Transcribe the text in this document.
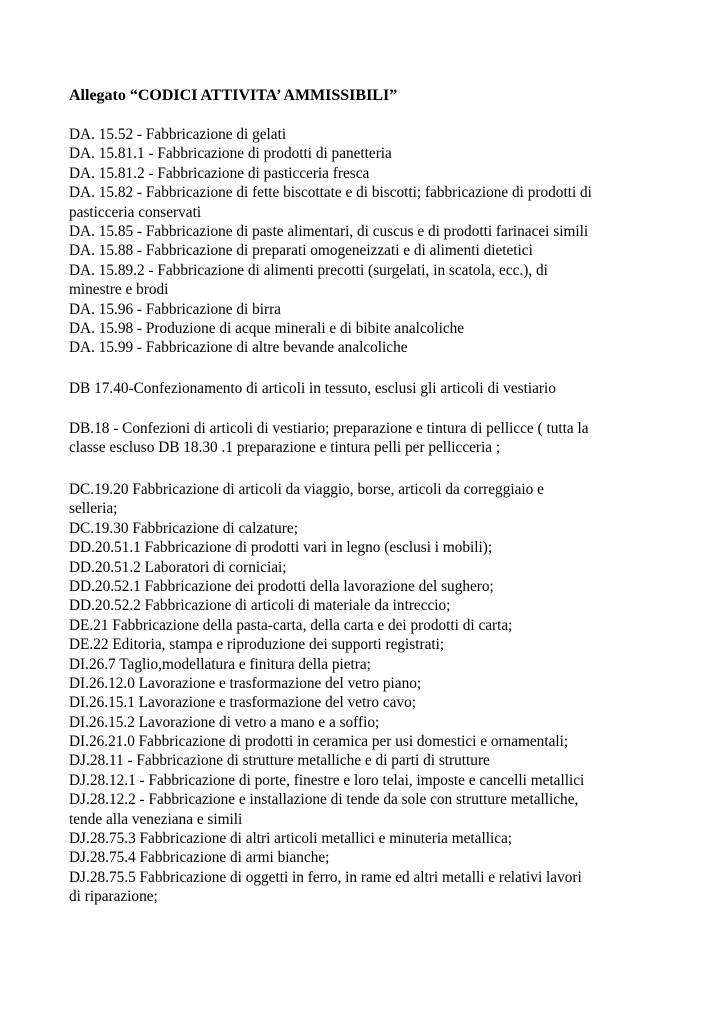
Allegato “CODICI ATTIVITA’ AMMISSIBILI”
DA. 15.52 - Fabbricazione di gelati
DA. 15.81.1 - Fabbricazione di prodotti di panetteria
DA. 15.81.2 - Fabbricazione di pasticceria fresca
DA. 15.82 - Fabbricazione di fette biscottate e di biscotti; fabbricazione di prodotti di
pasticceria conservati
DA. 15.85 - Fabbricazione di paste alimentari, di cuscus e di prodotti farinacei simili
DA. 15.88 - Fabbricazione di preparati omogeneizzati e di alimenti dietetici
DA. 15.89.2 - Fabbricazione di alimenti precotti (surgelati, in scatola, ecc.), di
minestre e brodi
DA. 15.96 - Fabbricazione di birra
DA. 15.98 - Produzione di acque minerali e di bibite analcoliche
DA. 15.99 - Fabbricazione di altre bevande analcoliche
DB 17.40-Confezionamento di articoli in tessuto, esclusi gli articoli di vestiario
DB.18 - Confezioni di articoli di vestiario; preparazione e tintura di pellicce ( tutta la
classe escluso DB 18.30 .1 preparazione e tintura pelli per pellicceria ;
DC.19.20 Fabbricazione di articoli da viaggio, borse, articoli da correggiaio e
selleria;
DC.19.30 Fabbricazione di calzature;
DD.20.51.1 Fabbricazione di prodotti vari in legno (esclusi i mobili);
DD.20.51.2 Laboratori di corniciai;
DD.20.52.1 Fabbricazione dei prodotti della lavorazione del sughero;
DD.20.52.2 Fabbricazione di articoli di materiale da intreccio;
DE.21 Fabbricazione della pasta-carta, della carta e dei prodotti di carta;
DE.22 Editoria, stampa e riproduzione dei supporti registrati;
DI.26.7 Taglio,modellatura e finitura della pietra;
DI.26.12.0 Lavorazione e trasformazione del vetro piano;
DI.26.15.1 Lavorazione e trasformazione del vetro cavo;
DI.26.15.2 Lavorazione di vetro a mano e a soffio;
DI.26.21.0 Fabbricazione di prodotti in ceramica per usi domestici e ornamentali;
DJ.28.11 - Fabbricazione di strutture metalliche e di parti di strutture
DJ.28.12.1 - Fabbricazione di porte, finestre e loro telai, imposte e cancelli metallici
DJ.28.12.2 - Fabbricazione e installazione di tende da sole con strutture metalliche,
tende alla veneziana e simili
DJ.28.75.3 Fabbricazione di altri articoli metallici e minuteria metallica;
DJ.28.75.4 Fabbricazione di armi bianche;
DJ.28.75.5 Fabbricazione di oggetti in ferro, in rame ed altri metalli e relativi lavori
di riparazione;
